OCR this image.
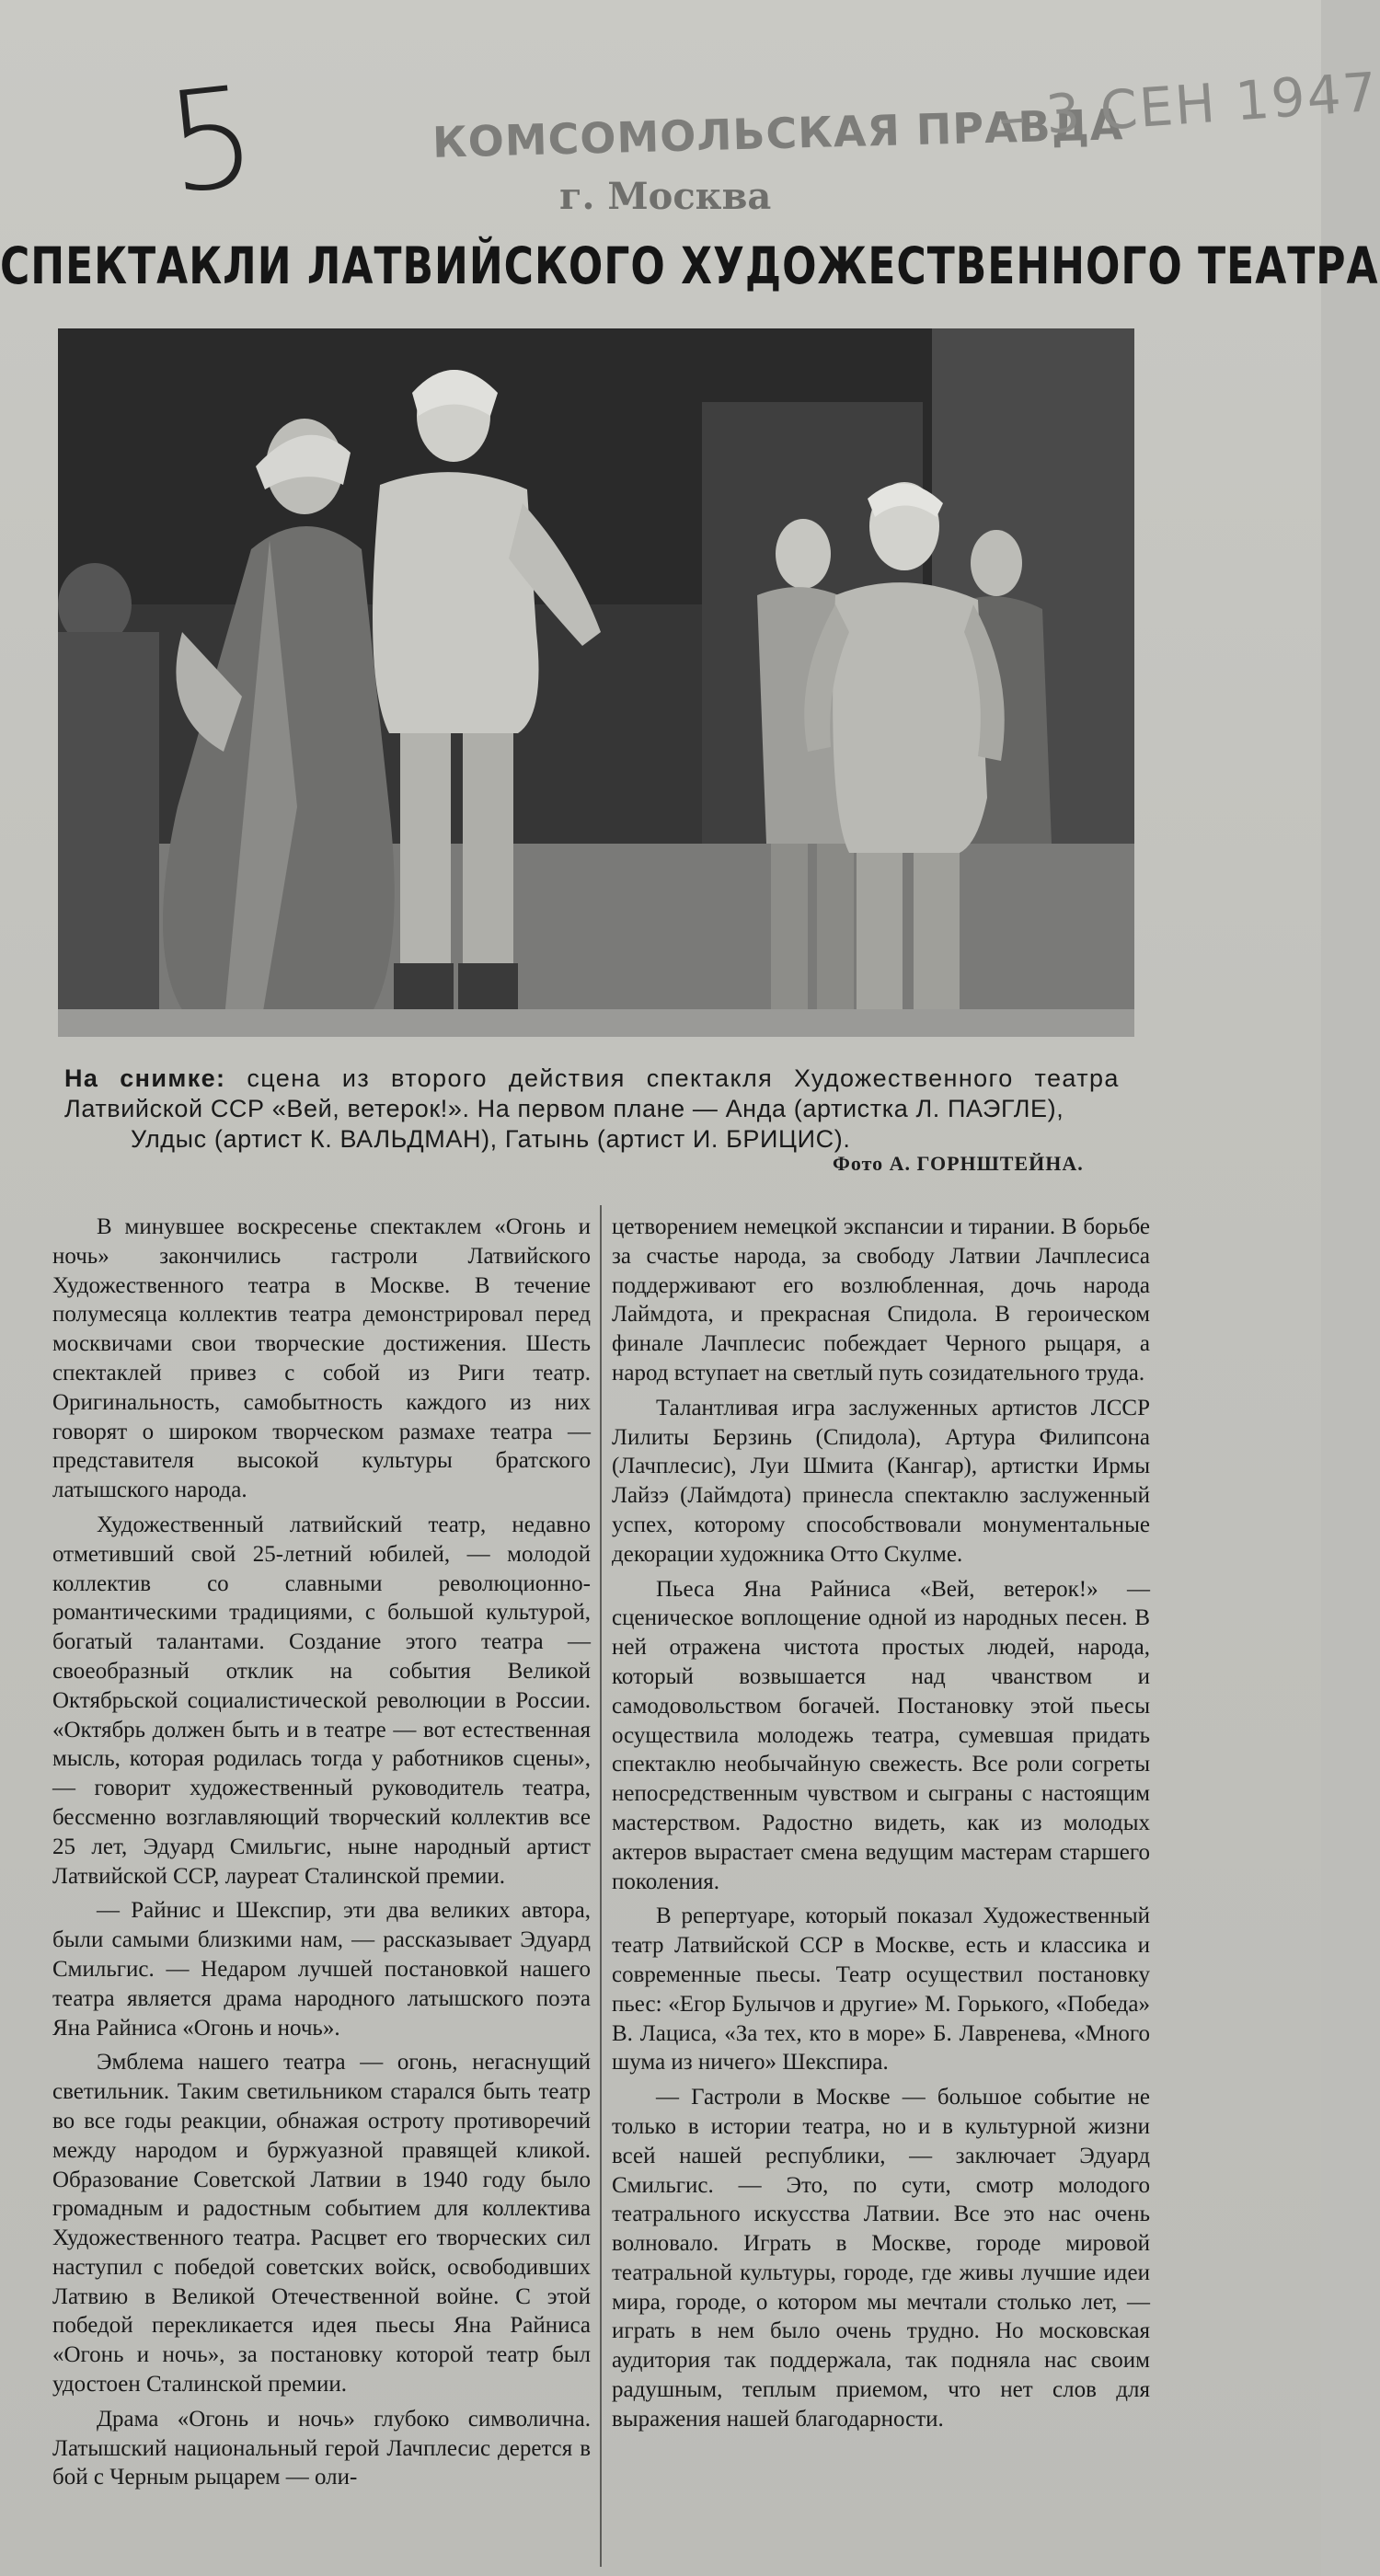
5	КОМСОМОЛЬСКАЯ ПРАВДА
г. Москва
– 3 СЕН 1947
СПЕКТАКЛИ ЛАТВИЙСКОГО ХУДОЖЕСТВЕННОГО ТЕАТРА
На снимке: сцена из второго действия спектакля Художественного театра
Латвийской ССР «Вей, ветерок!». На первом плане — Анда (артистка Л. ПАЭГЛЕ),
Улдыс (артист К. ВАЛЬДМАН), Гатынь (артист И. БРИЦИС).
Фото А. ГОРНШТЕЙНА.

В минувшее воскресенье спектаклем «Огонь и ночь» закончились гастроли Латвийского Художественного театра в Москве. В течение полумесяца коллектив театра демонстрировал перед москвичами свои творческие достижения. Шесть спектаклей привез с собой из Риги театр. Оригинальность, самобытность каждого из них говорят о широком творческом размахе театра — представителя высокой культуры братского латышского народа.

Художественный латвийский театр, недавно отметивший свой 25-летний юбилей, — молодой коллектив со славными революционно-романтическими традициями, с большой культурой, богатый талантами. Создание этого театра — своеобразный отклик на события Великой Октябрьской социалистической революции в России. «Октябрь должен быть и в театре — вот естественная мысль, которая родилась тогда у работников сцены», — говорит художественный руководитель театра, бессменно возглавляющий творческий коллектив все 25 лет, Эдуард Смильгис, ныне народный артист Латвийской ССР, лауреат Сталинской премии.

— Райнис и Шекспир, эти два великих автора, были самыми близкими нам, — рассказывает Эдуард Смильгис. — Недаром лучшей постановкой нашего театра является драма народного латышского поэта Яна Райниса «Огонь и ночь».

Эмблема нашего театра — огонь, негаснущий светильник. Таким светильником старался быть театр во все годы реакции, обнажая остроту противоречий между народом и буржуазной правящей кликой. Образование Советской Латвии в 1940 году было громадным и радостным событием для коллектива Художественного театра. Расцвет его творческих сил наступил с победой советских войск, освободивших Латвию в Великой Отечественной войне. С этой победой перекликается идея пьесы Яна Райниса «Огонь и ночь», за постановку которой театр был удостоен Сталинской премии.

Драма «Огонь и ночь» глубоко символична. Латышский национальный герой Лачплесис дерется в бой с Черным рыцарем — оли-

цетворением немецкой экспансии и тирании. В борьбе за счастье народа, за свободу Латвии Лачплесиса поддерживают его возлюбленная, дочь народа Лаймдота, и прекрасная Спидола. В героическом финале Лачплесис побеждает Черного рыцаря, а народ вступает на светлый путь созидательного труда.

Талантливая игра заслуженных артистов ЛССР Лилиты Берзинь (Спидола), Артура Филипсона (Лачплесис), Луи Шмита (Кангар), артистки Ирмы Лайзэ (Лаймдота) принесла спектаклю заслуженный успех, которому способствовали монументальные декорации художника Отто Скулме.

Пьеса Яна Райниса «Вей, ветерок!» — сценическое воплощение одной из народных песен. В ней отражена чистота простых людей, народа, который возвышается над чванством и самодовольством богачей. Постановку этой пьесы осуществила молодежь театра, сумевшая придать спектаклю необычайную свежесть. Все роли согреты непосредственным чувством и сыграны с настоящим мастерством. Радостно видеть, как из молодых актеров вырастает смена ведущим мастерам старшего поколения.

В репертуаре, который показал Художественный театр Латвийской ССР в Москве, есть и классика и современные пьесы. Театр осуществил постановку пьес: «Егор Булычов и другие» М. Горького, «Победа» В. Лациса, «За тех, кто в море» Б. Лавренева, «Много шума из ничего» Шекспира.

— Гастроли в Москве — большое событие не только в истории театра, но и в культурной жизни всей нашей республики, — заключает Эдуард Смильгис. — Это, по сути, смотр молодого театрального искусства Латвии. Все это нас очень волновало. Играть в Москве, городе мировой театральной культуры, городе, где живы лучшие идеи мира, городе, о котором мы мечтали столько лет, — играть в нем было очень трудно. Но московская аудитория так поддержала, так подняла нас своим радушным, теплым приемом, что нет слов для выражения нашей благодарности.
